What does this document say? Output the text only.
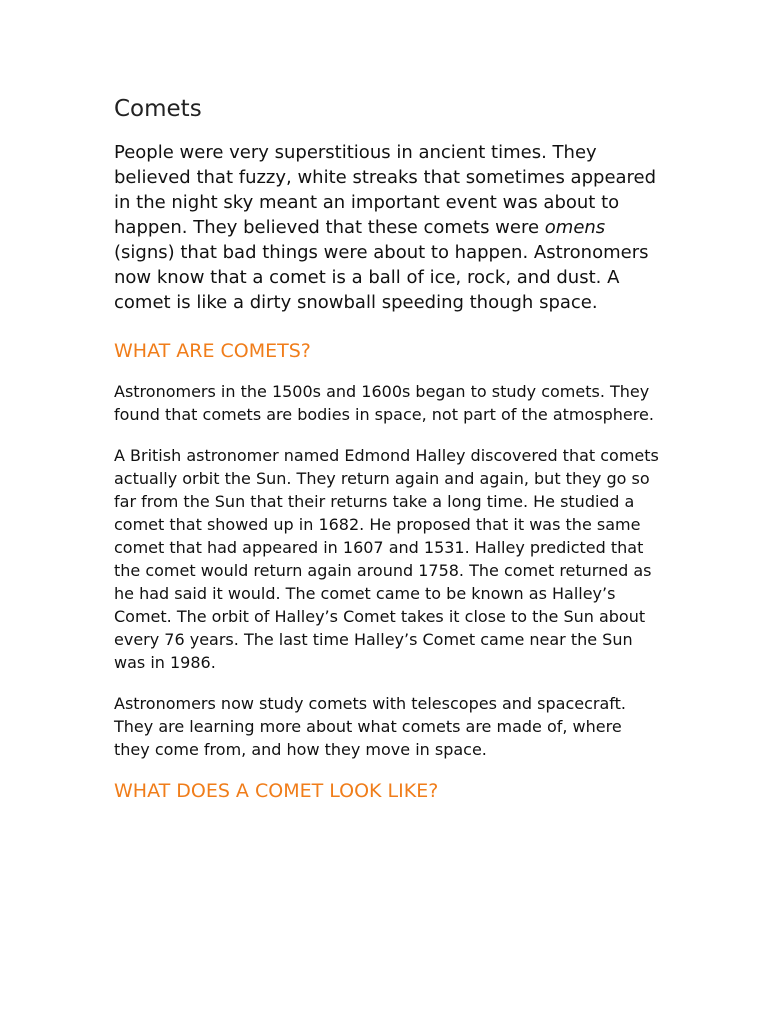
Comets

People were very superstitious in ancient times. They believed that fuzzy, white streaks that sometimes appeared in the night sky meant an important event was about to happen. They believed that these comets were omens (signs) that bad things were about to happen. Astronomers now know that a comet is a ball of ice, rock, and dust. A comet is like a dirty snowball speeding though space.

WHAT ARE COMETS?

Astronomers in the 1500s and 1600s began to study comets. They found that comets are bodies in space, not part of the atmosphere.

A British astronomer named Edmond Halley discovered that comets actually orbit the Sun. They return again and again, but they go so far from the Sun that their returns take a long time. He studied a comet that showed up in 1682. He proposed that it was the same comet that had appeared in 1607 and 1531. Halley predicted that the comet would return again around 1758. The comet returned as he had said it would. The comet came to be known as Halley’s Comet. The orbit of Halley’s Comet takes it close to the Sun about every 76 years. The last time Halley’s Comet came near the Sun was in 1986.

Astronomers now study comets with telescopes and spacecraft. They are learning more about what comets are made of, where they come from, and how they move in space.

WHAT DOES A COMET LOOK LIKE?
